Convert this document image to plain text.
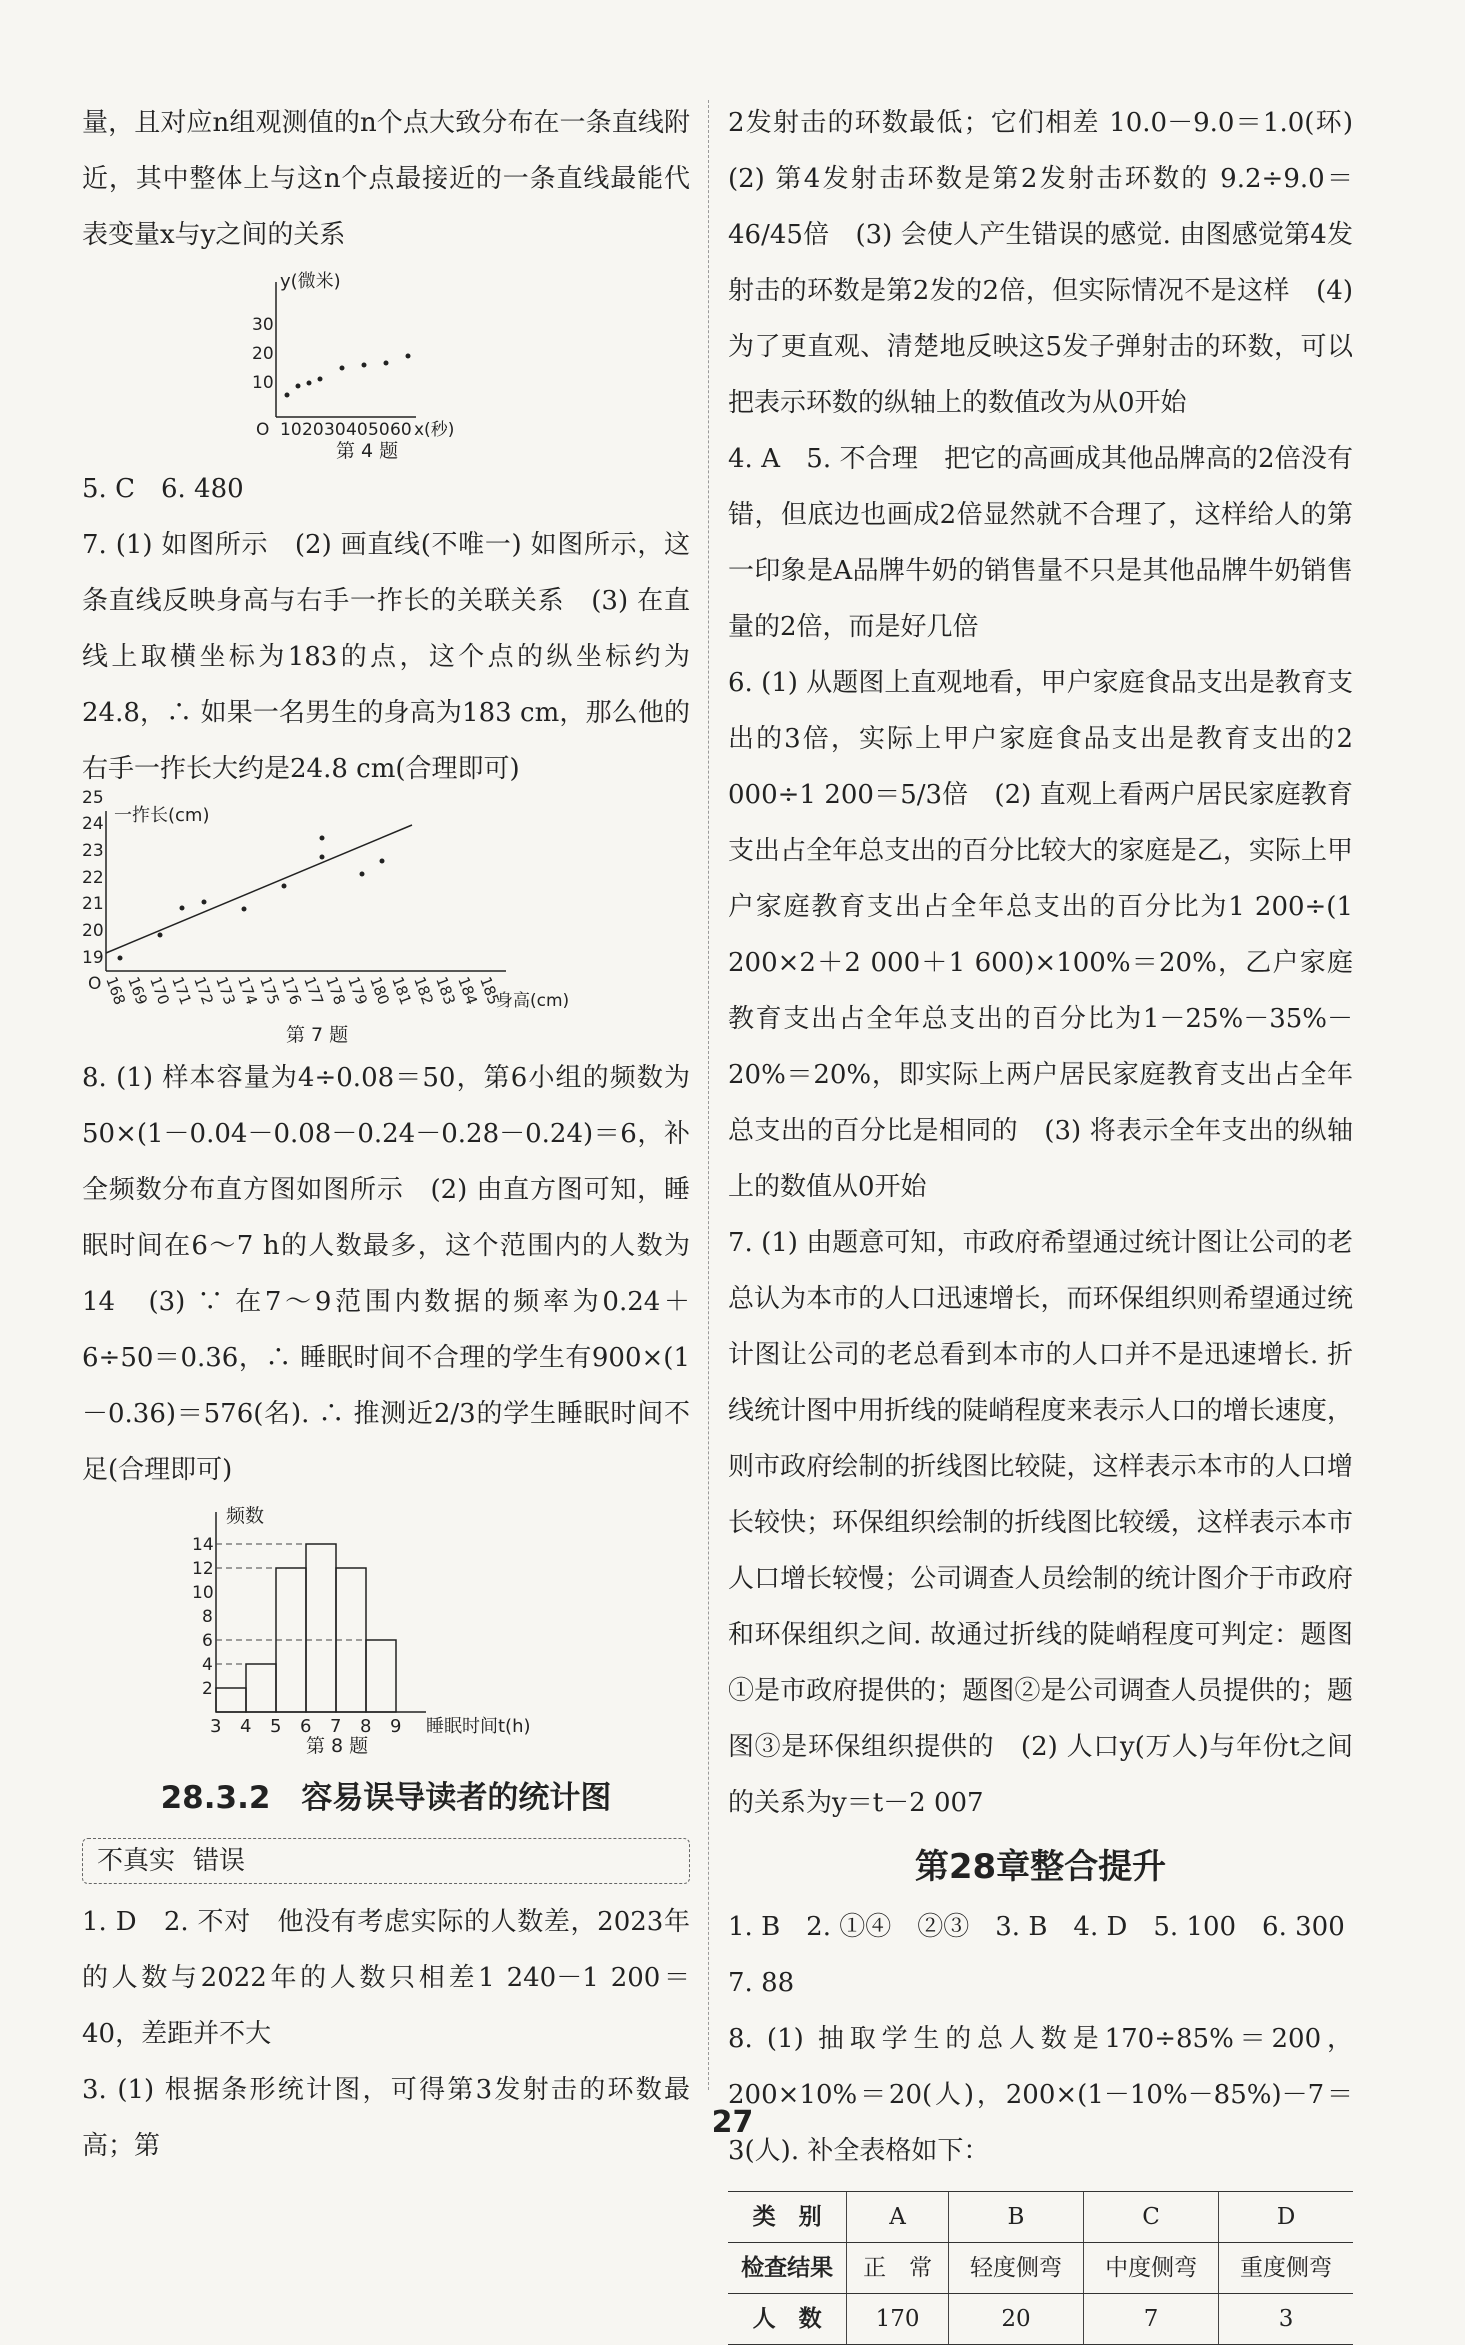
量，且对应n组观测值的n个点大致分布在一条直线附近，其中整体上与这n个点最接近的一条直线最能代表变量x与y之间的关系

y(微米)
O
10
20
30
10 20 30 40 50 60 x(秒)
第 4 题

5. C　6. 480

7. (1) 如图所示　(2) 画直线(不唯一) 如图所示，这条直线反映身高与右手一拃长的关联关系　(3) 在直线上取横坐标为183的点，这个点的纵坐标约为24.8，∴ 如果一名男生的身高为183 cm，那么他的右手一拃长大约是24.8 cm(合理即可)

一拃长(cm)
O
19
20
21
22
23
24
25
168
169
170
171
172
173
174
175
176
177
178
179
180
181
182
183
184
185
身高(cm)
第 7 题

8. (1) 样本容量为4÷0.08＝50，第6小组的频数为50×(1－0.04－0.08－0.24－0.28－0.24)＝6，补全频数分布直方图如图所示　(2) 由直方图可知，睡眠时间在6～7 h的人数最多，这个范围内的人数为14　(3) ∵ 在7～9范围内数据的频率为0.24＋6÷50＝0.36，∴ 睡眠时间不合理的学生有900×(1－0.36)＝576(名). ∴ 推测近2/3的学生睡眠时间不足(合理即可)

频数
2
4
6
8
10
12
14
3 4 5 6 7 8 9 睡眠时间t(h)
第 8 题
28.3.2　容易误导读者的统计图
不真实 错误

1. D　2. 不对　他没有考虑实际的人数差，2023年的人数与2022年的人数只相差1 240－1 200＝40，差距并不大

3. (1) 根据条形统计图，可得第3发射击的环数最高；第

2发射击的环数最低；它们相差 10.0－9.0＝1.0(环)　(2) 第4发射击环数是第2发射击环数的 9.2÷9.0＝46/45倍　(3) 会使人产生错误的感觉. 由图感觉第4发射击的环数是第2发的2倍，但实际情况不是这样　(4) 为了更直观、清楚地反映这5发子弹射击的环数，可以把表示环数的纵轴上的数值改为从0开始

4. A　5. 不合理　把它的高画成其他品牌高的2倍没有错，但底边也画成2倍显然就不合理了，这样给人的第一印象是A品牌牛奶的销售量不只是其他品牌牛奶销售量的2倍，而是好几倍

6. (1) 从题图上直观地看，甲户家庭食品支出是教育支出的3倍，实际上甲户家庭食品支出是教育支出的2 000÷1 200＝5/3倍　(2) 直观上看两户居民家庭教育支出占全年总支出的百分比较大的家庭是乙，实际上甲户家庭教育支出占全年总支出的百分比为1 200÷(1 200×2＋2 000＋1 600)×100%＝20%，乙户家庭教育支出占全年总支出的百分比为1－25%－35%－20%＝20%，即实际上两户居民家庭教育支出占全年总支出的百分比是相同的　(3) 将表示全年支出的纵轴上的数值从0开始

7. (1) 由题意可知，市政府希望通过统计图让公司的老总认为本市的人口迅速增长，而环保组织则希望通过统计图让公司的老总看到本市的人口并不是迅速增长. 折线统计图中用折线的陡峭程度来表示人口的增长速度，则市政府绘制的折线图比较陡，这样表示本市的人口增长较快；环保组织绘制的折线图比较缓，这样表示本市人口增长较慢；公司调查人员绘制的统计图介于市政府和环保组织之间. 故通过折线的陡峭程度可判定：题图①是市政府提供的；题图②是公司调查人员提供的；题图③是环保组织提供的　(2) 人口y(万人)与年份t之间的关系为y＝t－2 007

第28章整合提升

1. B　2. ①④　②③　3. B　4. D　5. 100　6. 300

7. 88

8. (1) 抽取学生的总人数是170÷85%＝200，200×10%＝20(人)，200×(1－10%－85%)－7＝3(人). 补全表格如下：

类　别	A	B	C	D
检查结果	正　常	轻度侧弯	中度侧弯	重度侧弯
人　数	170	20	7	3
27
